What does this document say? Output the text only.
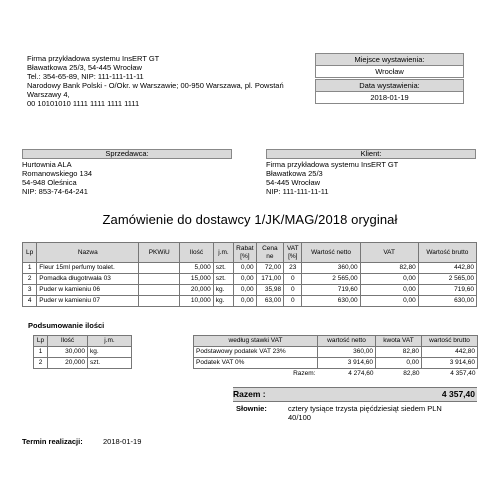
Firma przykładowa systemu InsERT GT
Bławatkowa 25/3, 54-445 Wrocław
Tel.: 354-65-89, NIP: 111-111-11-11
Narodowy Bank Polski - O/Okr. w Warszawie; 00-950 Warszawa, pl. Powstań
Warszawy 4,
00 10101010 1111 1111 1111 1111
Miejsce wystawienia:
Wrocław
Data wystawienia:
2018-01-19
Sprzedawca:
Hurtownia ALA
Romanowskiego 134
54-948 Oleśnica
NIP: 853-74-64-241
Klient:
Firma przykładowa systemu InsERT GT
Bławatkowa 25/3
54-445 Wrocław
NIP: 111-111-11-11
Zamówienie do dostawcy 1/JK/MAG/2018 oryginał
Lp	Nazwa	PKWiU	Ilość	j.m.	Rabat [%]	Cena ne	VAT [%]	Wartość netto	VAT	Wartość brutto
1	Fleur 15ml perfumy toalet.		5,000	szt.	0,00	72,00	23	360,00	82,80	442,80
2	Pomadka długotrwała 03		15,000	szt.	0,00	171,00	0	2 565,00	0,00	2 565,00
3	Puder w kamieniu 06		20,000	kg.	0,00	35,98	0	719,60	0,00	719,60
4	Puder w kamieniu 07		10,000	kg.	0,00	63,00	0	630,00	0,00	630,00
Podsumowanie ilości
Lp	Ilość	j.m.
1	30,000	kg.
2	20,000	szt.
według stawki VAT	wartość netto	kwota VAT	wartość brutto
Podstawowy podatek VAT 23%	360,00	82,80	442,80
Podatek VAT 0%	3 914,60	0,00	3 914,60
Razem:	4 274,60	82,80	4 357,40
Razem :	4 357,40
Słownie:	cztery tysiące trzysta pięćdziesiąt siedem PLN
40/100
Termin realizacji:	2018-01-19
